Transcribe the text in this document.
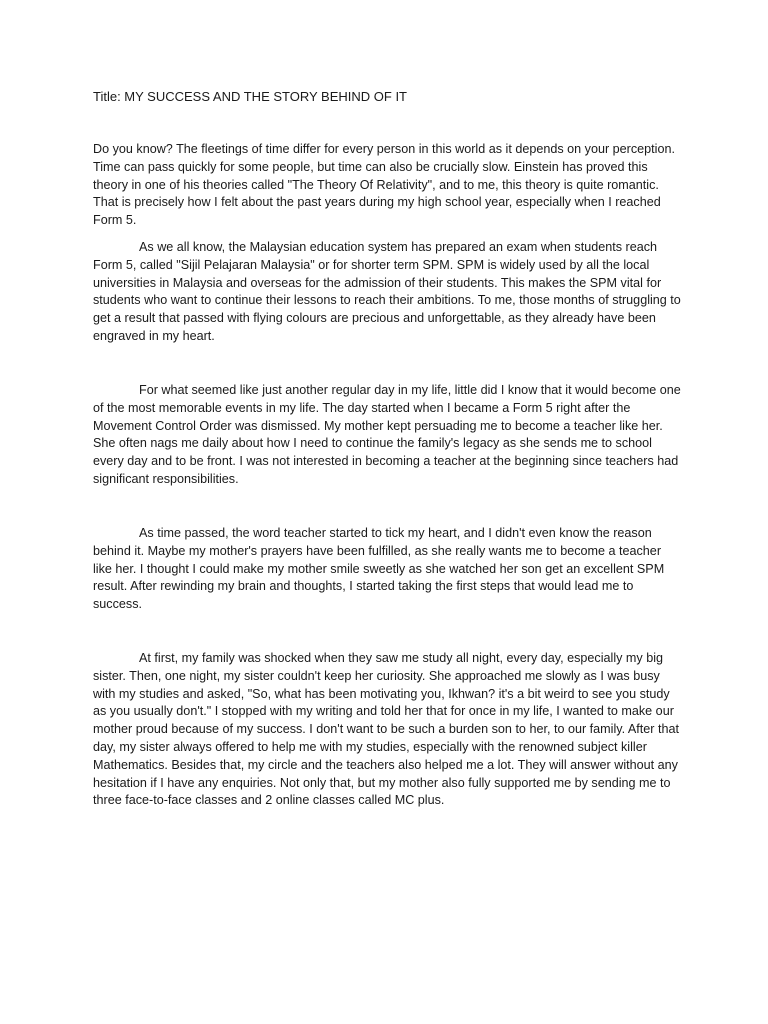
Title: MY SUCCESS AND THE STORY BEHIND OF IT

Do you know? The fleetings of time differ for every person in this world as it depends on your perception. Time can pass quickly for some people, but time can also be crucially slow. Einstein has proved this theory in one of his theories called "The Theory Of Relativity", and to me, this theory is quite romantic. That is precisely how I felt about the past years during my high school year, especially when I reached Form 5.

As we all know, the Malaysian education system has prepared an exam when students reach Form 5, called "Sijil Pelajaran Malaysia" or for shorter term SPM. SPM is widely used by all the local universities in Malaysia and overseas for the admission of their students. This makes the SPM vital for students who want to continue their lessons to reach their ambitions. To me, those months of struggling to get a result that passed with flying colours are precious and unforgettable, as they already have been engraved in my heart.

For what seemed like just another regular day in my life, little did I know that it would become one of the most memorable events in my life. The day started when I became a Form 5 right after the Movement Control Order was dismissed. My mother kept persuading me to become a teacher like her. She often nags me daily about how I need to continue the family's legacy as she sends me to school every day and to be front. I was not interested in becoming a teacher at the beginning since teachers had significant responsibilities.

As time passed, the word teacher started to tick my heart, and I didn't even know the reason behind it. Maybe my mother's prayers have been fulfilled, as she really wants me to become a teacher like her. I thought I could make my mother smile sweetly as she watched her son get an excellent SPM result. After rewinding my brain and thoughts, I started taking the first steps that would lead me to success.

At first, my family was shocked when they saw me study all night, every day, especially my big sister. Then, one night, my sister couldn't keep her curiosity. She approached me slowly as I was busy with my studies and asked, "So, what has been motivating you, Ikhwan? it's a bit weird to see you study as you usually don't." I stopped with my writing and told her that for once in my life, I wanted to make our mother proud because of my success. I don't want to be such a burden son to her, to our family. After that day, my sister always offered to help me with my studies, especially with the renowned subject killer Mathematics. Besides that, my circle and the teachers also helped me a lot. They will answer without any hesitation if I have any enquiries. Not only that, but my mother also fully supported me by sending me to three face-to-face classes and 2 online classes called MC plus.
